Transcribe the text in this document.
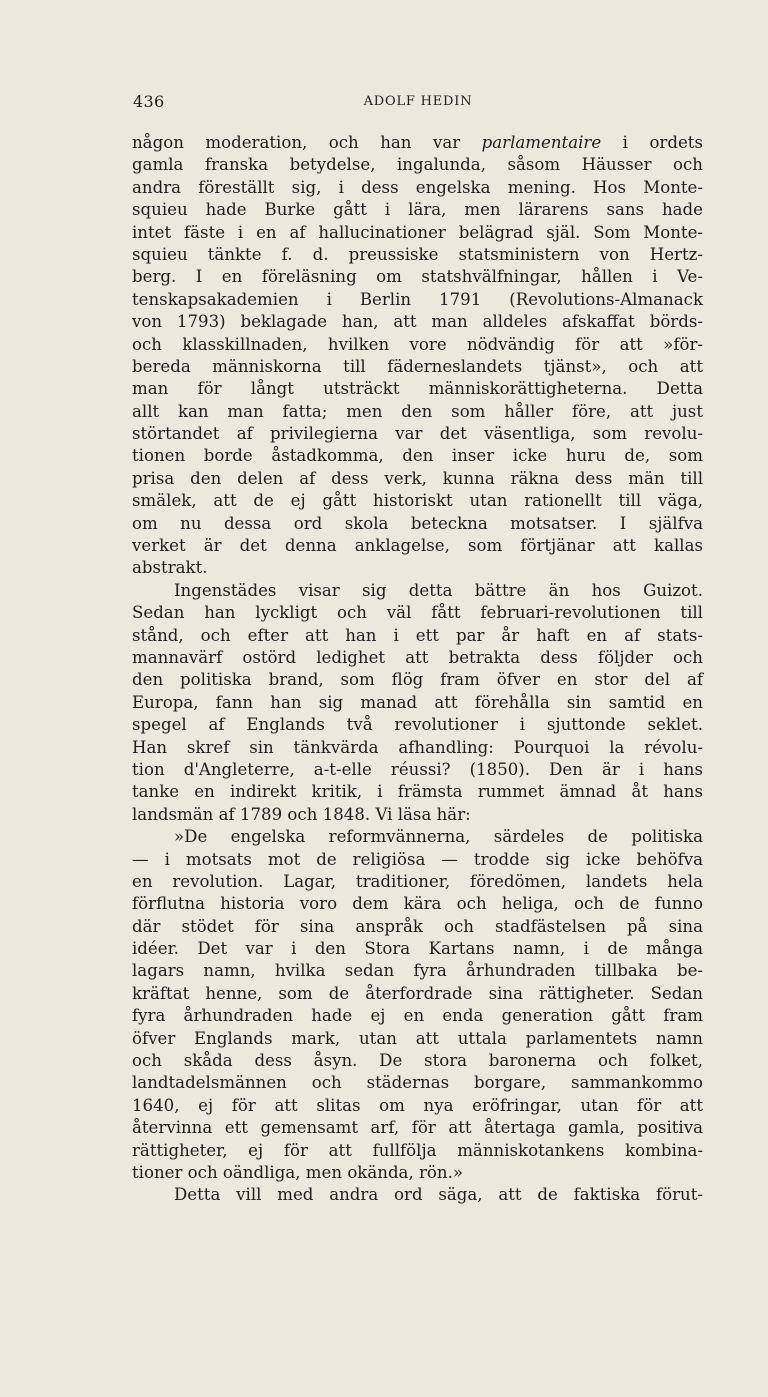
436	ADOLF HEDIN
någon moderation, och han var parlamentaire i ordets
gamla franska betydelse, ingalunda, såsom Häusser och
andra föreställt sig, i dess engelska mening. Hos Monte-
squieu hade Burke gått i lära, men lärarens sans hade
intet fäste i en af hallucinationer belägrad själ. Som Monte-
squieu tänkte f. d. preussiske statsministern von Hertz-
berg. I en föreläsning om statshvälfningar, hållen i Ve-
tenskapsakademien i Berlin 1791 (Revolutions-Almanack
von 1793) beklagade han, att man alldeles afskaffat börds-
och klasskillnaden, hvilken vore nödvändig för att »för-
bereda människorna till fäderneslandets tjänst», och att
man för långt utsträckt människorättigheterna. Detta
allt kan man fatta; men den som håller före, att just
störtandet af privilegierna var det väsentliga, som revolu-
tionen borde åstadkomma, den inser icke huru de, som
prisa den delen af dess verk, kunna räkna dess män till
smälek, att de ej gått historiskt utan rationellt till väga,
om nu dessa ord skola beteckna motsatser. I själfva
verket är det denna anklagelse, som förtjänar att kallas
abstrakt.
Ingenstädes visar sig detta bättre än hos Guizot.
Sedan han lyckligt och väl fått februari-revolutionen till
stånd, och efter att han i ett par år haft en af stats-
mannavärf ostörd ledighet att betrakta dess följder och
den politiska brand, som flög fram öfver en stor del af
Europa, fann han sig manad att förehålla sin samtid en
spegel af Englands två revolutioner i sjuttonde seklet.
Han skref sin tänkvärda afhandling: Pourquoi la révolu-
tion d'Angleterre, a-t-elle réussi? (1850). Den är i hans
tanke en indirekt kritik, i främsta rummet ämnad åt hans
landsmän af 1789 och 1848. Vi läsa här:
»De engelska reformvännerna, särdeles de politiska
— i motsats mot de religiösa — trodde sig icke behöfva
en revolution. Lagar, traditioner, föredömen, landets hela
förflutna historia voro dem kära och heliga, och de funno
där stödet för sina anspråk och stadfästelsen på sina
idéer. Det var i den Stora Kartans namn, i de många
lagars namn, hvilka sedan fyra århundraden tillbaka be-
kräftat henne, som de återfordrade sina rättigheter. Sedan
fyra århundraden hade ej en enda generation gått fram
öfver Englands mark, utan att uttala parlamentets namn
och skåda dess åsyn. De stora baronerna och folket,
landtadelsmännen och städernas borgare, sammankommo
1640, ej för att slitas om nya eröfringar, utan för att
återvinna ett gemensamt arf, för att återtaga gamla, positiva
rättigheter, ej för att fullfölja människotankens kombina-
tioner och oändliga, men okända, rön.»
Detta vill med andra ord säga, att de faktiska förut-
